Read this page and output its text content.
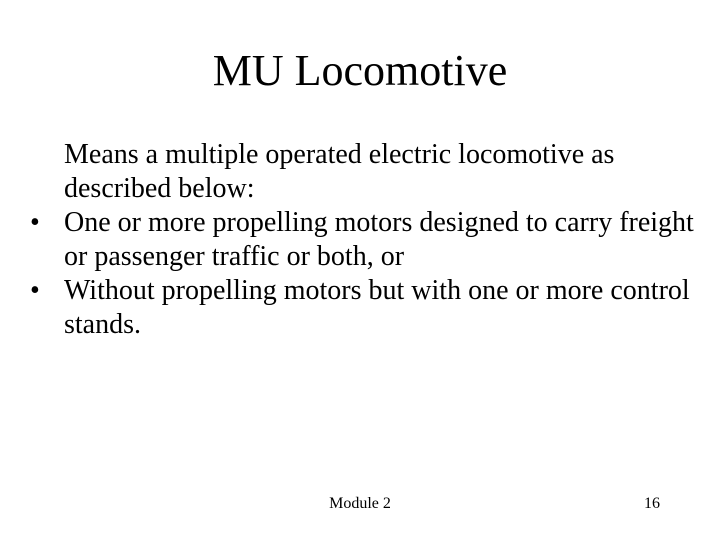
MU Locomotive
Means a multiple operated electric locomotive as described below:
• One or more propelling motors designed to carry freight or passenger traffic or both, or
• Without propelling motors but with one or more control stands.
Module 2	16
